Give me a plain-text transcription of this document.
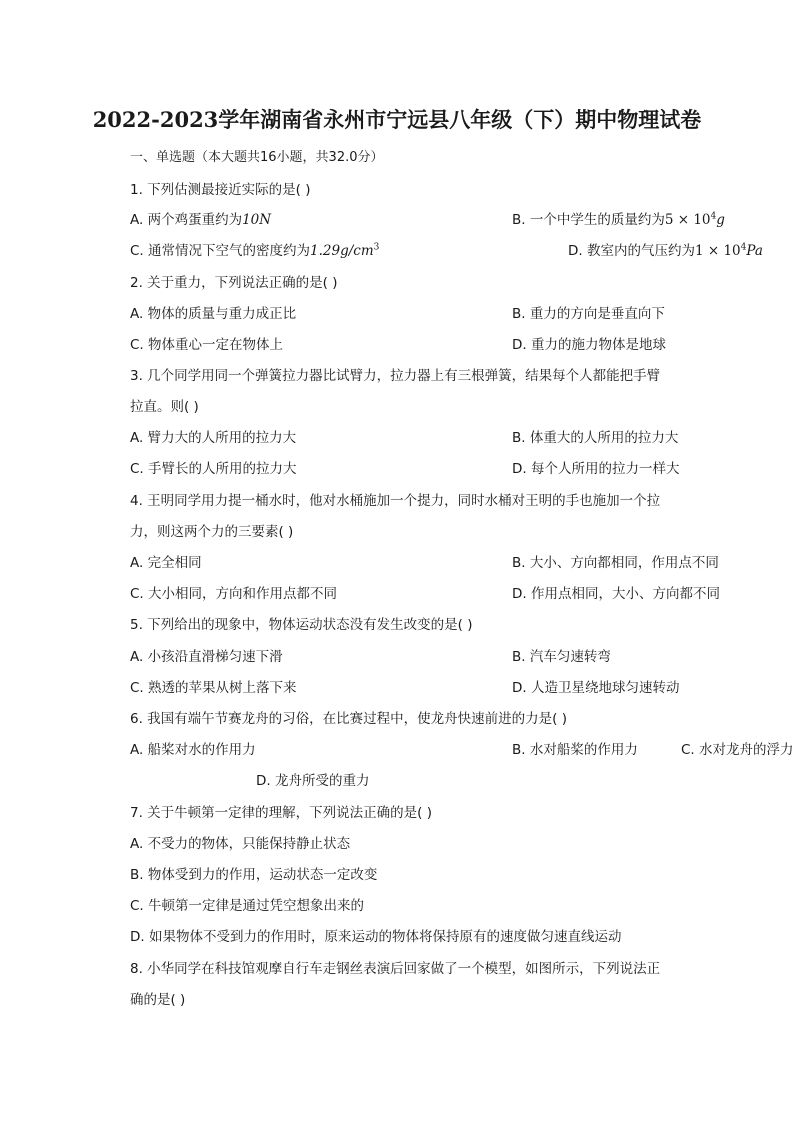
2022-2023学年湖南省永州市宁远县八年级（下）期中物理试卷
一、单选题（本大题共16小题，共32.0分）
1. 下列估测最接近实际的是( )
A. 两个鸡蛋重约为10N	B. 一个中学生的质量约为$5 \times 10^4g$
C. 通常情况下空气的密度约为$1.29g/cm^3$	D. 教室内的气压约为$1 \times 10^4Pa$
2. 关于重力，下列说法正确的是( )
A. 物体的质量与重力成正比	B. 重力的方向是垂直向下
C. 物体重心一定在物体上	D. 重力的施力物体是地球
3. 几个同学用同一个弹簧拉力器比试臂力，拉力器上有三根弹簧，结果每个人都能把手臂
拉直。则( )
A. 臂力大的人所用的拉力大	B. 体重大的人所用的拉力大
C. 手臂长的人所用的拉力大	D. 每个人所用的拉力一样大
4. 王明同学用力提一桶水时，他对水桶施加一个提力，同时水桶对王明的手也施加一个拉
力，则这两个力的三要素( )
A. 完全相同	B. 大小、方向都相同，作用点不同
C. 大小相同，方向和作用点都不同	D. 作用点相同，大小、方向都不同
5. 下列给出的现象中，物体运动状态没有发生改变的是( )
A. 小孩沿直滑梯匀速下滑	B. 汽车匀速转弯
C. 熟透的苹果从树上落下来	D. 人造卫星绕地球匀速转动
6. 我国有端午节赛龙舟的习俗，在比赛过程中，使龙舟快速前进的力是( )
A. 船桨对水的作用力	B. 水对船桨的作用力	C. 水对龙舟的浮力
D. 龙舟所受的重力
7. 关于牛顿第一定律的理解，下列说法正确的是( )
A. 不受力的物体，只能保持静止状态
B. 物体受到力的作用，运动状态一定改变
C. 牛顿第一定律是通过凭空想象出来的
D. 如果物体不受到力的作用时，原来运动的物体将保持原有的速度做匀速直线运动
8. 小华同学在科技馆观摩自行车走钢丝表演后回家做了一个模型，如图所示，下列说法正
确的是( )
